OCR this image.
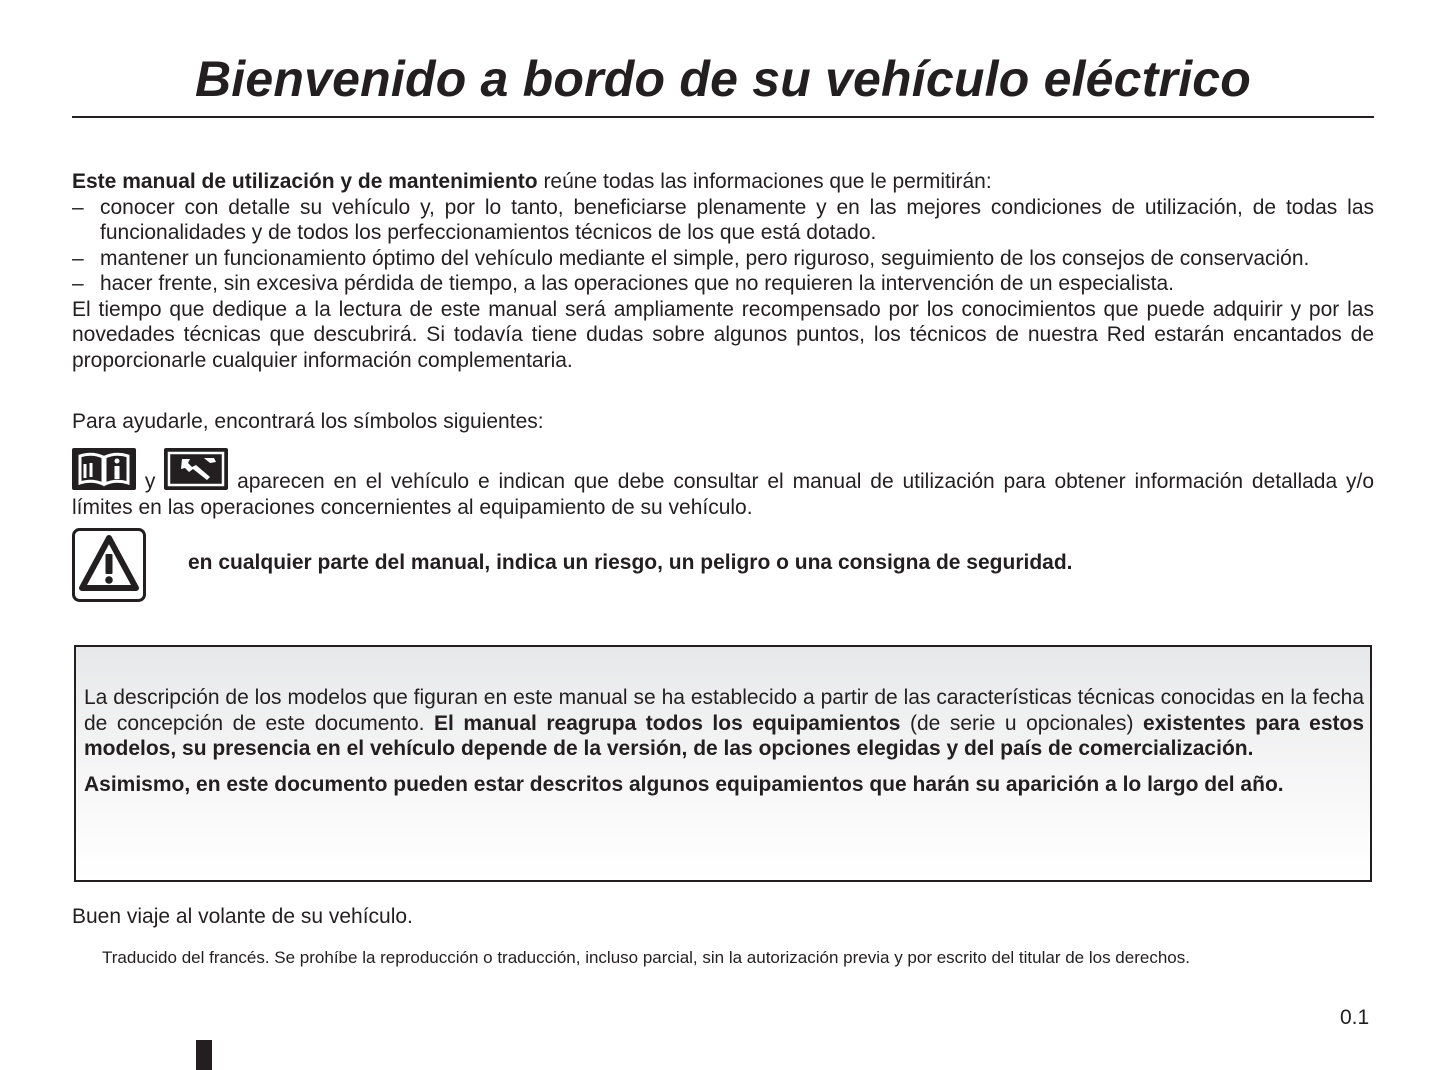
Bienvenido a bordo de su vehículo eléctrico

Este manual de utilización y de mantenimiento reúne todas las informaciones que le permitirán:

– conocer con detalle su vehículo y, por lo tanto, beneficiarse plenamente y en las mejores condiciones de utilización, de todas las funcionalidades y de todos los perfeccionamientos técnicos de los que está dotado.
– mantener un funcionamiento óptimo del vehículo mediante el simple, pero riguroso, seguimiento de los consejos de conservación.
– hacer frente, sin excesiva pérdida de tiempo, a las operaciones que no requieren la intervención de un especialista.

El tiempo que dedique a la lectura de este manual será ampliamente recompensado por los conocimientos que puede adquirir y por las novedades técnicas que descubrirá. Si todavía tiene dudas sobre algunos puntos, los técnicos de nuestra Red estarán encantados de proporcionarle cualquier información complementaria.

Para ayudarle, encontrará los símbolos siguientes:

y	aparecen en el vehículo e indican que debe consultar el manual de utilización para obtener información detallada y/o límites en las operaciones concernientes al equipamiento de su vehículo.

en cualquier parte del manual, indica un riesgo, un peligro o una consigna de seguridad.

La descripción de los modelos que figuran en este manual se ha establecido a partir de las características técnicas conocidas en la fecha de concepción de este documento. El manual reagrupa todos los equipamientos (de serie u opcionales) existentes para estos modelos, su presencia en el vehículo depende de la versión, de las opciones elegidas y del país de comercialización.

Asimismo, en este documento pueden estar descritos algunos equipamientos que harán su aparición a lo largo del año.

Buen viaje al volante de su vehículo.

Traducido del francés. Se prohíbe la reproducción o traducción, incluso parcial, sin la autorización previa y por escrito del titular de los derechos.

0.1
